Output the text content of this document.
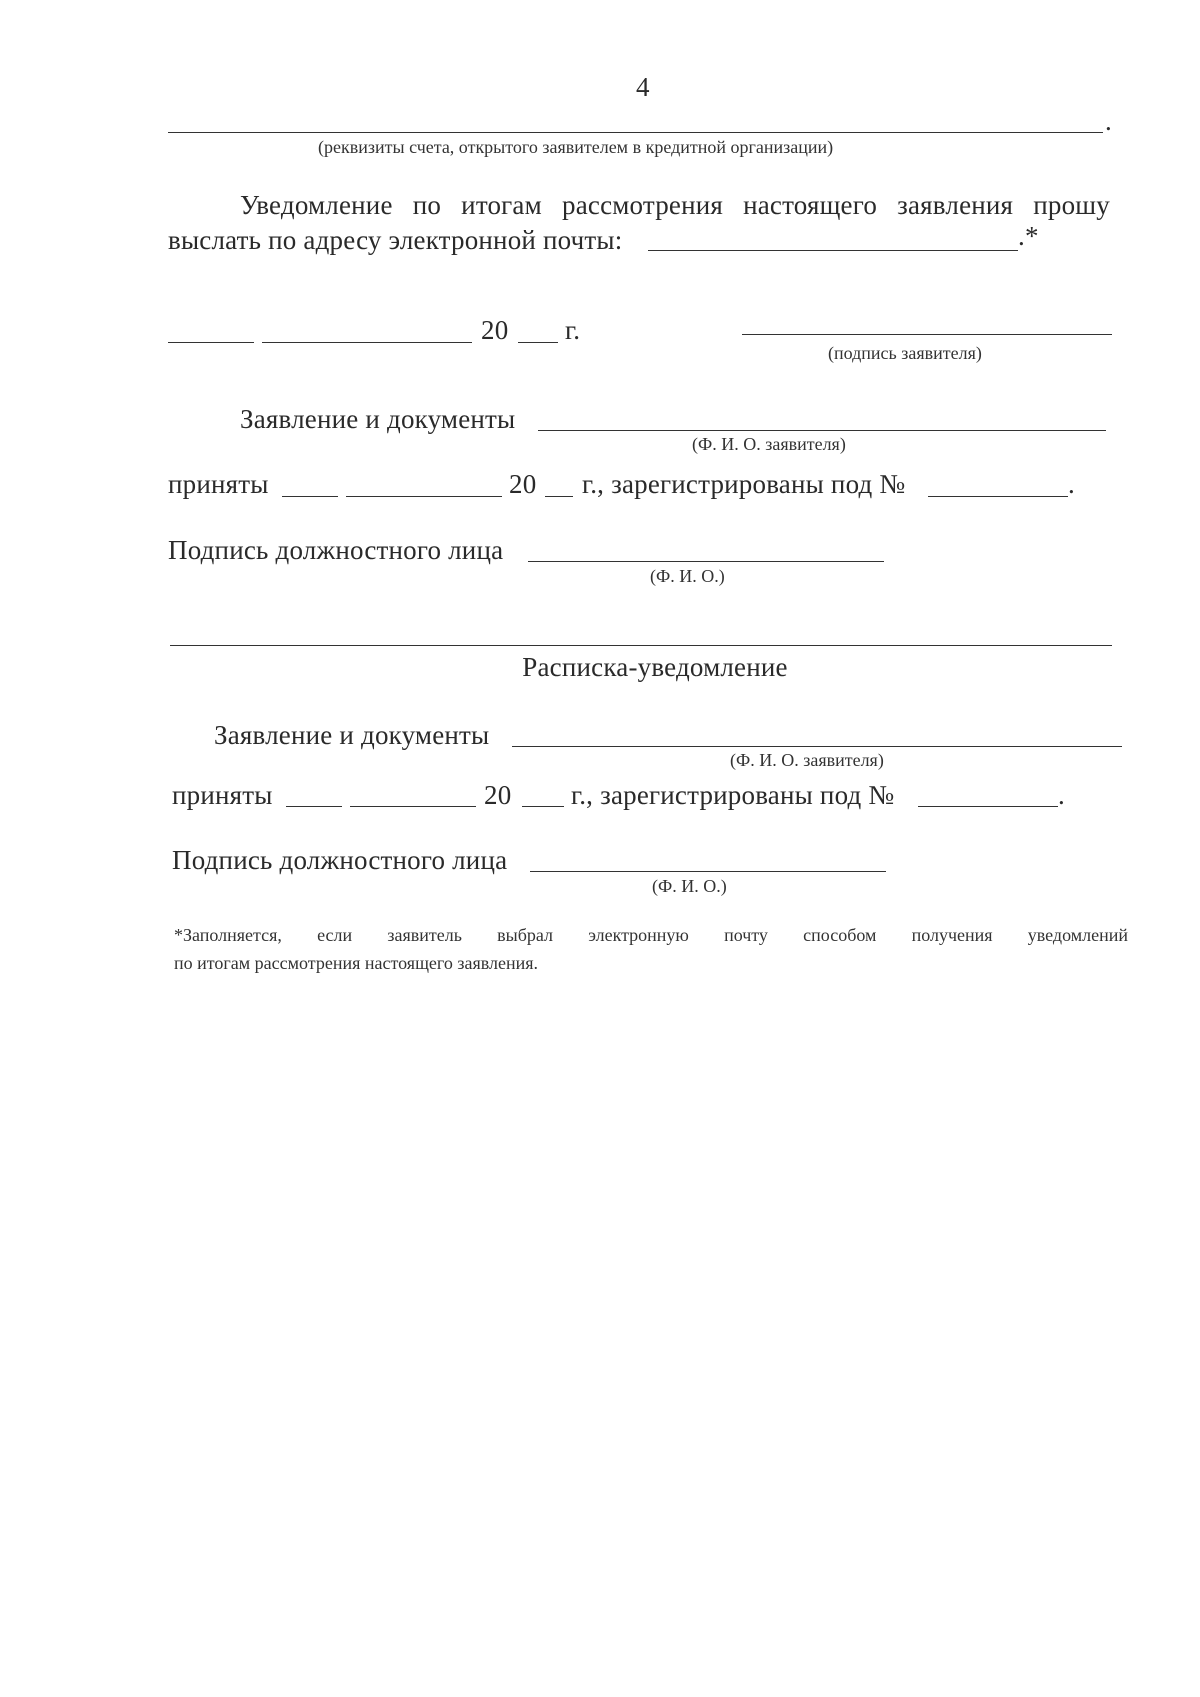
4
.
(реквизиты счета, открытого заявителем в кредитной организации)
Уведомление по итогам рассмотрения настоящего заявления прошу
выслать по адресу электронной почты:	.*
20 г.
(подпись заявителя)
Заявление и документы
(Ф. И. О. заявителя)
приняты	20 г., зарегистрированы под №	.
Подпись должностного лица
(Ф. И. О.)
Расписка-уведомление
Заявление и документы
(Ф. И. О. заявителя)
приняты	20 г., зарегистрированы под №	.
Подпись должностного лица
(Ф. И. О.)
*Заполняется, если заявитель выбрал электронную почту способом получения уведомлений
по итогам рассмотрения настоящего заявления.
